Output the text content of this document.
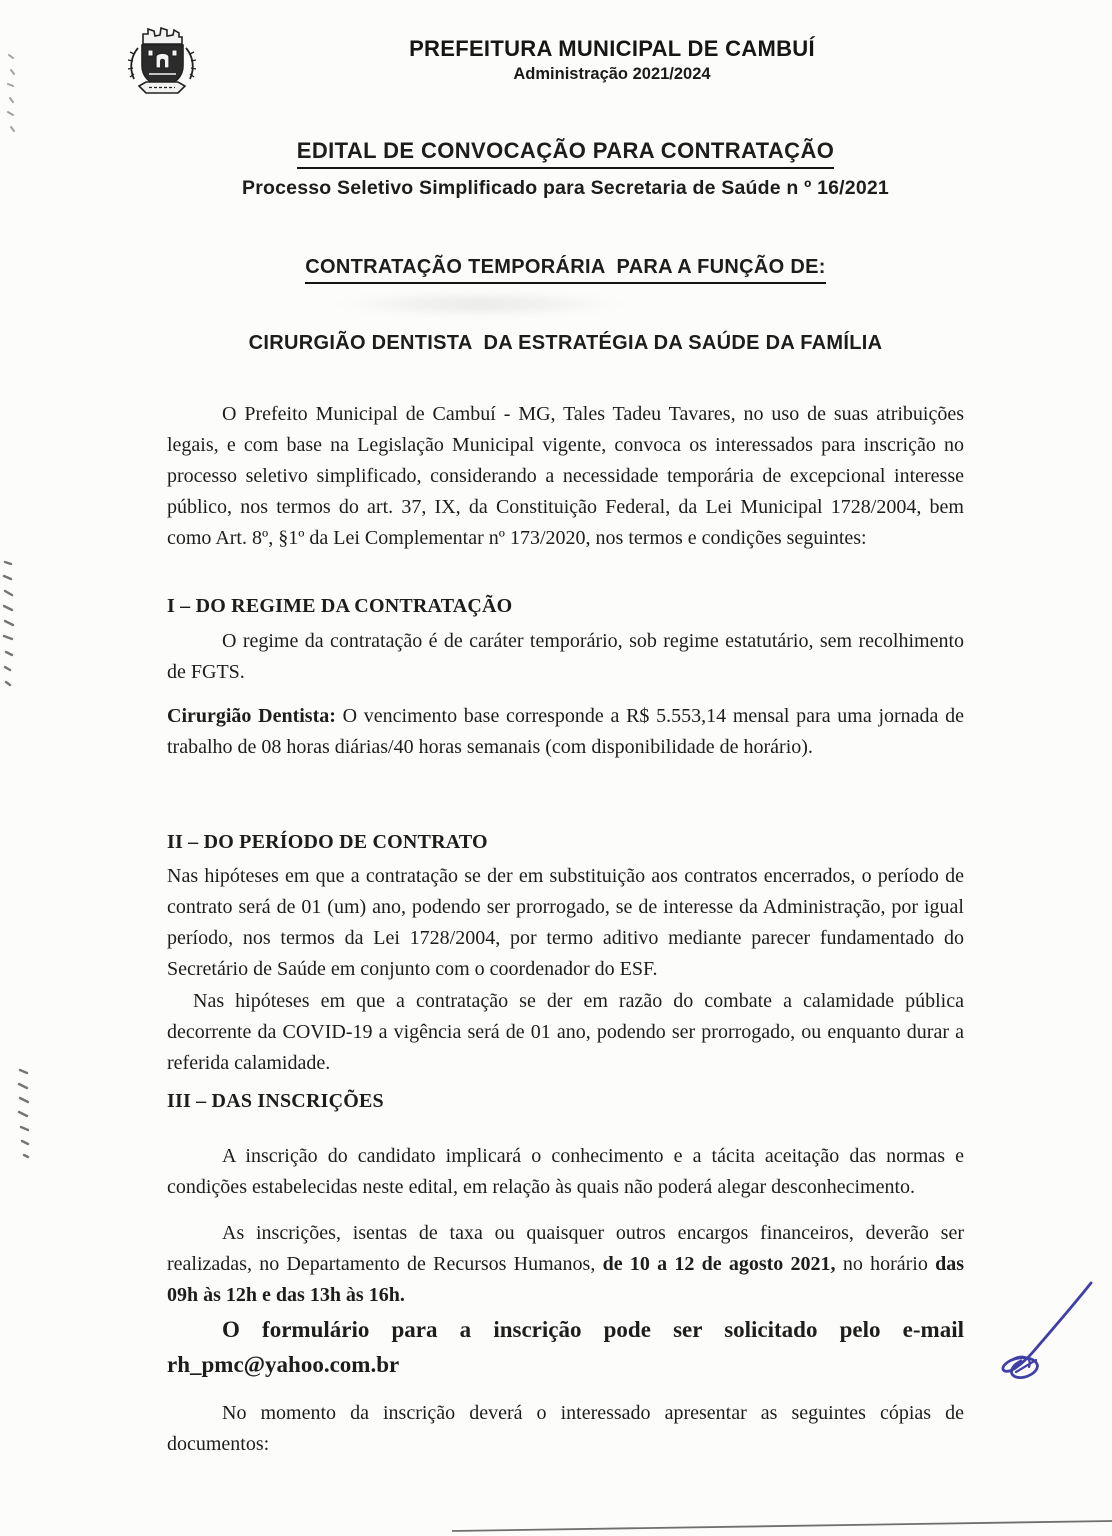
PREFEITURA MUNICIPAL DE CAMBUÍ
Administração 2021/2024
EDITAL DE CONVOCAÇÃO PARA CONTRATAÇÃO
Processo Seletivo Simplificado para Secretaria de Saúde n º 16/2021
CONTRATAÇÃO TEMPORÁRIA  PARA A FUNÇÃO DE:
CIRURGIÃO DENTISTA  DA ESTRATÉGIA DA SAÚDE DA FAMÍLIA
O Prefeito Municipal de Cambuí - MG, Tales Tadeu Tavares, no uso de suas atribuições legais, e com base na Legislação Municipal vigente, convoca os interessados para inscrição no processo seletivo simplificado, considerando a necessidade temporária de excepcional interesse público, nos termos do art. 37, IX, da Constituição Federal, da Lei Municipal 1728/2004, bem como Art. 8º, §1º da Lei Complementar nº 173/2020, nos termos e condições seguintes:
I – DO REGIME DA CONTRATAÇÃO
O regime da contratação é de caráter temporário, sob regime estatutário, sem recolhimento de FGTS.
Cirurgião Dentista: O vencimento base corresponde a R$ 5.553,14 mensal para uma jornada de trabalho de 08 horas diárias/40 horas semanais (com disponibilidade de horário).
II – DO PERÍODO DE CONTRATO
Nas hipóteses em que a contratação se der em substituição aos contratos encerrados, o período de contrato será de 01 (um) ano, podendo ser prorrogado, se de interesse da Administração, por igual período, nos termos da Lei 1728/2004, por termo aditivo mediante parecer fundamentado do Secretário de Saúde em conjunto com o coordenador do ESF.
Nas hipóteses em que a contratação se der em razão do combate a calamidade pública decorrente da COVID-19 a vigência será de 01 ano, podendo ser prorrogado, ou enquanto durar a referida calamidade.
III – DAS INSCRIÇÕES
A inscrição do candidato implicará o conhecimento e a tácita aceitação das normas e condições estabelecidas neste edital, em relação às quais não poderá alegar desconhecimento.
As inscrições, isentas de taxa ou quaisquer outros encargos financeiros, deverão ser realizadas, no Departamento de Recursos Humanos, de 10 a 12 de agosto 2021, no horário das 09h às 12h e das 13h às 16h.
O formulário para a inscrição pode ser solicitado pelo e-mail rh_pmc@yahoo.com.br
No momento da inscrição deverá o interessado apresentar as seguintes cópias de documentos:
